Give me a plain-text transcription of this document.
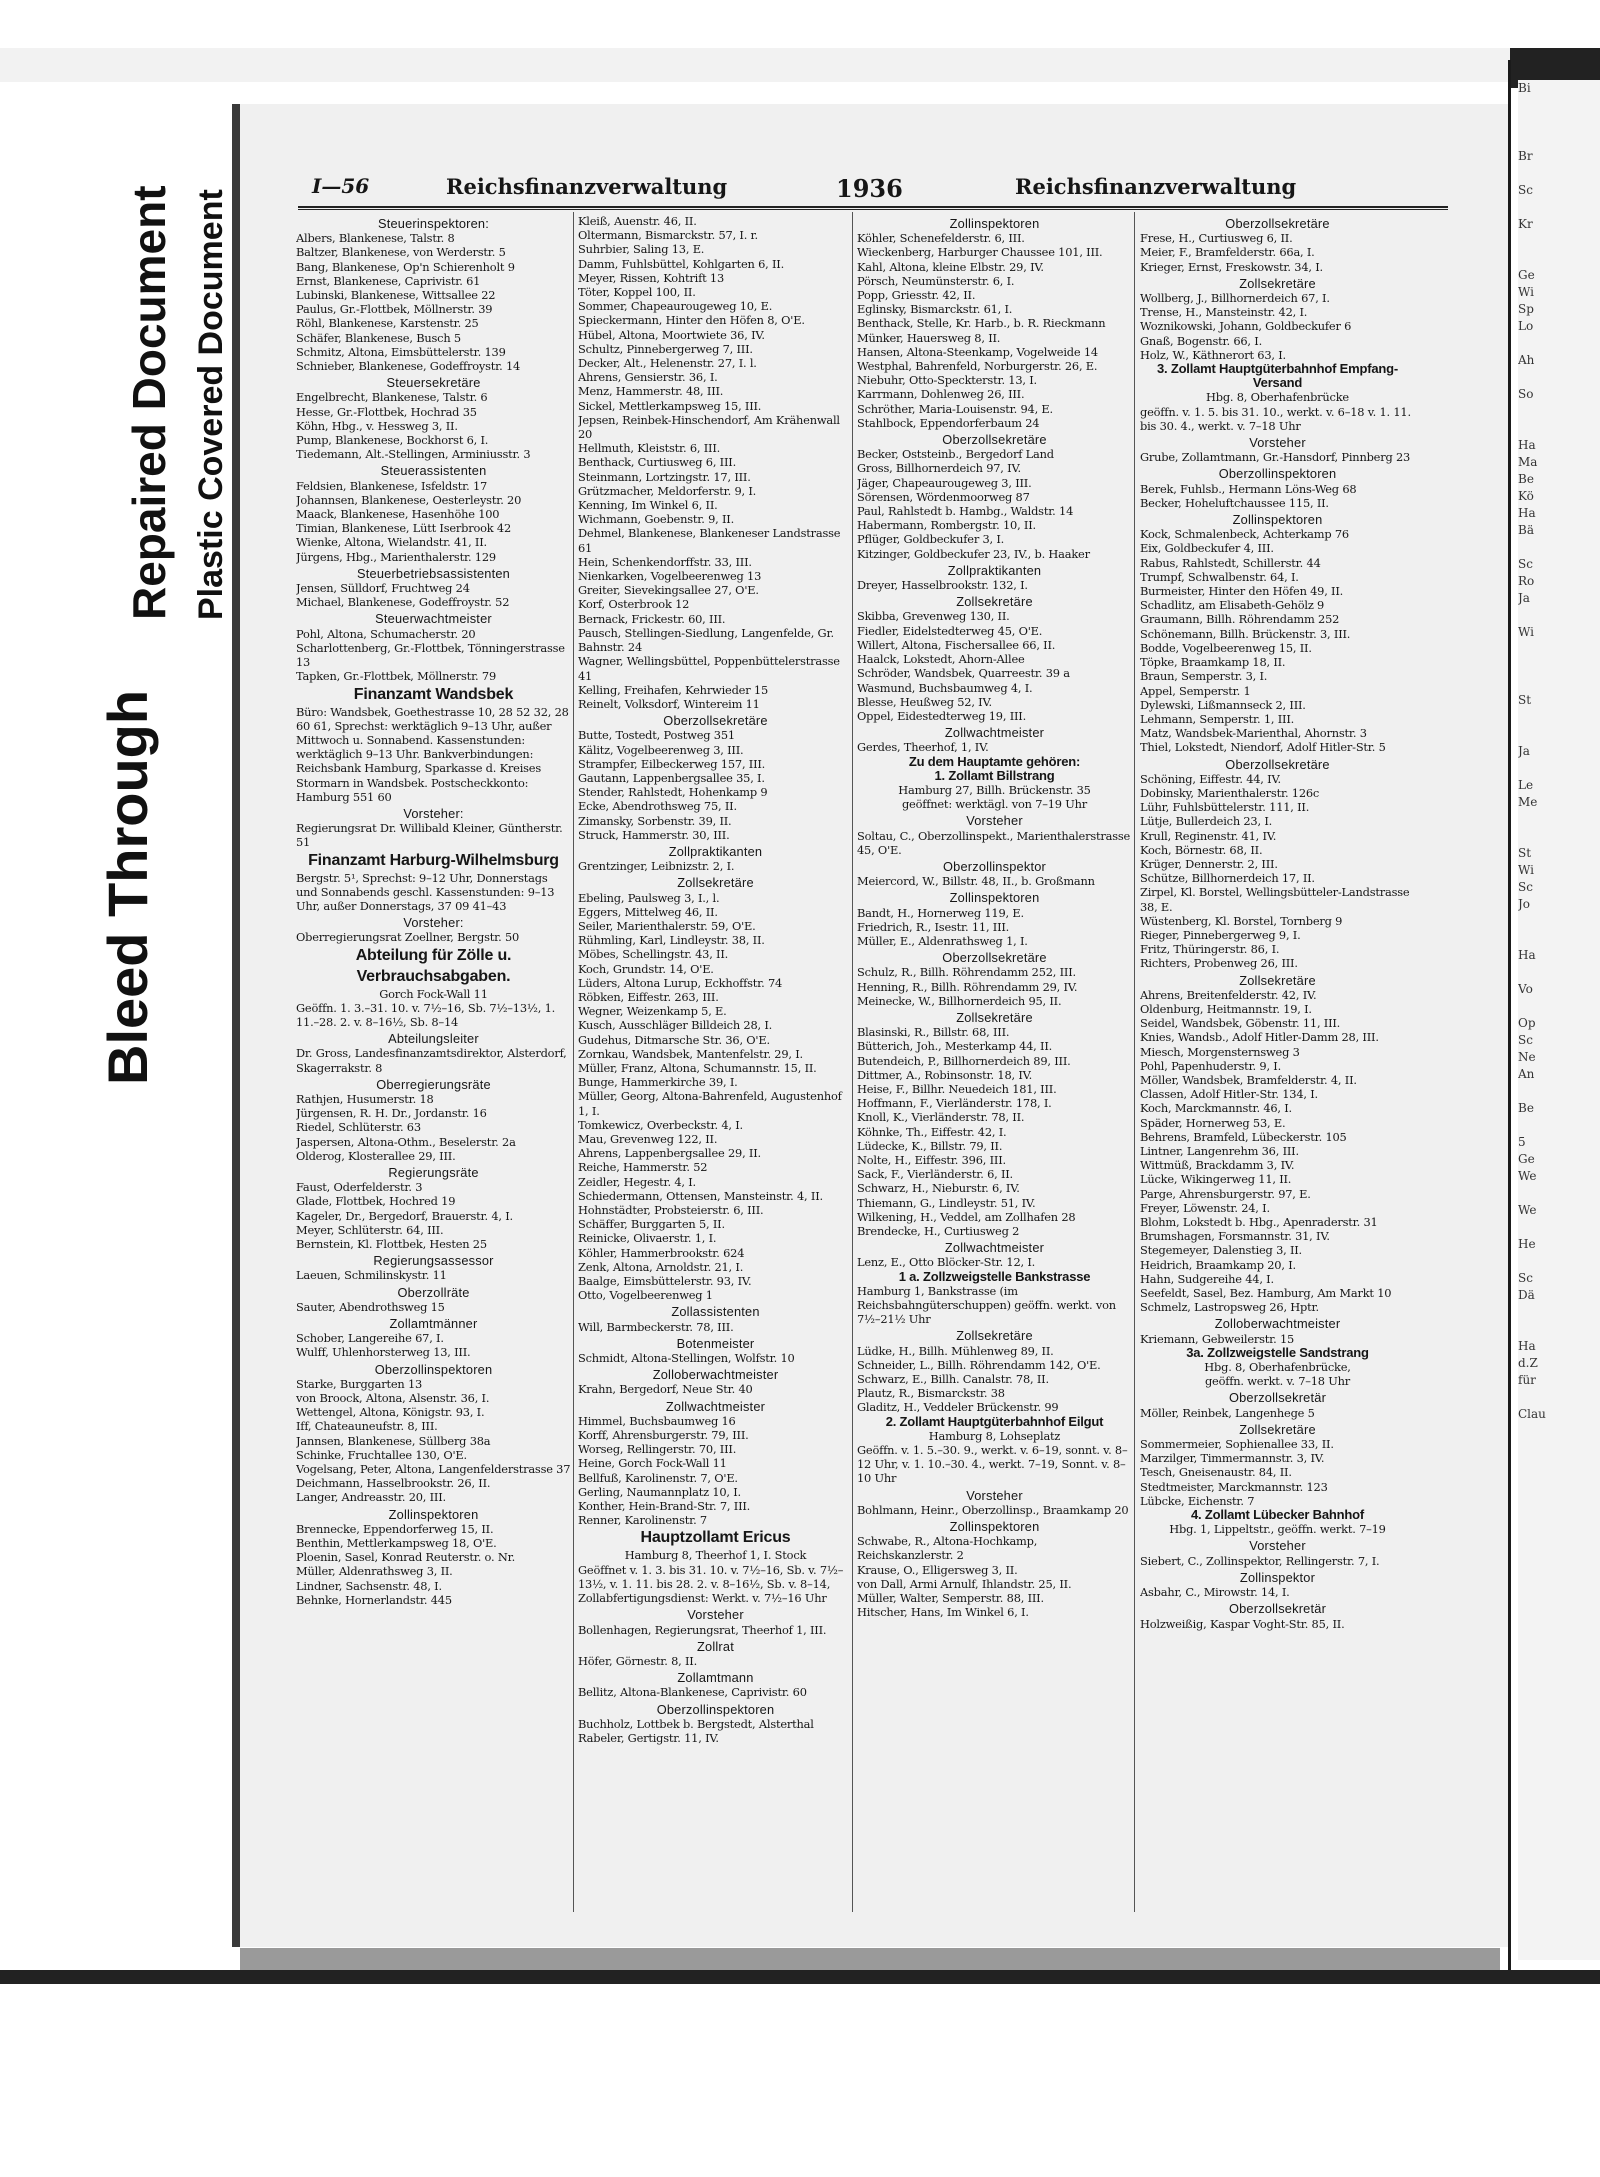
Bleed Through
Repaired Document Plastic Covered Document
Bi

Br

Sc

Kr

Ge
Wi
Sp
Lo

Ah

So

Ha
Ma
Be
Kö
Ha
Bä

Sc
Ro
Ja

Wi

St

Ja

Le
Me

St
Wi
Sc
Jo

Ha

Vo

Op
Sc
Ne
An

Be

5
Ge
We

We

He

Sc
Dä

Ha
d.Z
für

Clau
I—56	Reichsfinanzverwaltung	1936	Reichsfinanzverwaltung
Steuerinspektoren:
Albers, Blankenese, Talstr. 8
Baltzer, Blankenese, von Werderstr. 5
Bang, Blankenese, Op'n Schierenholt 9
Ernst, Blankenese, Caprivistr. 61
Lubinski, Blankenese, Wittsallee 22
Paulus, Gr.-Flottbek, Möllnerstr. 39
Röhl, Blankenese, Karstenstr. 25
Schäfer, Blankenese, Busch 5
Schmitz, Altona, Eimsbüttelerstr. 139
Schnieber, Blankenese, Godeffroystr. 14
Steuersekretäre
Engelbrecht, Blankenese, Talstr. 6
Hesse, Gr.-Flottbek, Hochrad 35
Köhn, Hbg., v. Hessweg 3, II.
Pump, Blankenese, Bockhorst 6, I.
Tiedemann, Alt.-Stellingen, Arminiusstr. 3
Steuerassistenten
Feldsien, Blankenese, Isfeldstr. 17
Johannsen, Blankenese, Oesterleystr. 20
Maack, Blankenese, Hasenhöhe 100
Timian, Blankenese, Lütt Iserbrook 42
Wienke, Altona, Wielandstr. 41, II.
Jürgens, Hbg., Marienthalerstr. 129
Steuerbetriebsassistenten
Jensen, Sülldorf, Fruchtweg 24
Michael, Blankenese, Godeffroystr. 52
Steuerwachtmeister
Pohl, Altona, Schumacherstr. 20
Scharlottenberg, Gr.-Flottbek, Tönningerstrasse 13
Tapken, Gr.-Flottbek, Möllnerstr. 79
Finanzamt Wandsbek
Büro: Wandsbek, Goethestrasse 10, 28 52 32, 28 60 61, Sprechst: werktäglich 9–13 Uhr, außer Mittwoch u. Sonnabend. Kassenstunden: werktäglich 9–13 Uhr. Bankverbindungen: Reichsbank Hamburg, Sparkasse d. Kreises Stormarn in Wandsbek. Postscheckkonto: Hamburg 551 60
Vorsteher:
Regierungsrat Dr. Willibald Kleiner, Güntherstr. 51
Finanzamt Harburg-Wilhelmsburg
Bergstr. 5¹, Sprechst: 9–12 Uhr, Donnerstags und Sonnabends geschl. Kassenstunden: 9–13 Uhr, außer Donnerstags, 37 09 41–43
Vorsteher:
Oberregierungsrat Zoellner, Bergstr. 50
Abteilung für Zölle u. Verbrauchsabgaben.
Gorch Fock-Wall 11
Geöffn. 1. 3.–31. 10. v. 7½–16, Sb. 7½–13½, 1. 11.–28. 2. v. 8–16½, Sb. 8–14
Abteilungsleiter
Dr. Gross, Landesfinanzamtsdirektor, Alsterdorf, Skagerrakstr. 8
Oberregierungsräte
Rathjen, Husumerstr. 18
Jürgensen, R. H. Dr., Jordanstr. 16
Riedel, Schlüterstr. 63
Jaspersen, Altona-Othm., Beselerstr. 2a
Olderog, Klosterallee 29, III.
Regierungsräte
Faust, Oderfelderstr. 3
Glade, Flottbek, Hochred 19
Kageler, Dr., Bergedorf, Brauerstr. 4, I.
Meyer, Schlüterstr. 64, III.
Bernstein, Kl. Flottbek, Hesten 25
Regierungsassessor
Laeuen, Schmilinskystr. 11
Oberzollräte
Sauter, Abendrothsweg 15
Zollamtmänner
Schober, Langereihe 67, I.
Wulff, Uhlenhorsterweg 13, III.
Oberzollinspektoren
Starke, Burggarten 13
von Broock, Altona, Alsenstr. 36, I.
Wettengel, Altona, Königstr. 93, I.
Iff, Chateauneufstr. 8, III.
Jannsen, Blankenese, Süllberg 38a
Schinke, Fruchtallee 130, O'E.
Vogelsang, Peter, Altona, Langenfelderstrasse 37
Deichmann, Hasselbrookstr. 26, II.
Langer, Andreasstr. 20, III.
Zollinspektoren
Brennecke, Eppendorferweg 15, II.
Benthin, Mettlerkampsweg 18, O'E.
Ploenin, Sasel, Konrad Reuterstr. o. Nr.
Müller, Aldenrathsweg 3, II.
Lindner, Sachsenstr. 48, I.
Behnke, Hornerlandstr. 445
Kleiß, Auenstr. 46, II.
Oltermann, Bismarckstr. 57, I. r.
Suhrbier, Saling 13, E.
Damm, Fuhlsbüttel, Kohlgarten 6, II.
Meyer, Rissen, Kohtrift 13
Töter, Koppel 100, II.
Sommer, Chapeaurougeweg 10, E.
Spieckermann, Hinter den Höfen 8, O'E.
Hübel, Altona, Moortwiete 36, IV.
Schultz, Pinnebergerweg 7, III.
Decker, Alt., Helenenstr. 27, I. l.
Ahrens, Gensierstr. 36, I.
Menz, Hammerstr. 48, III.
Sickel, Mettlerkampsweg 15, III.
Jepsen, Reinbek-Hinschendorf, Am Krähenwall 20
Hellmuth, Kleiststr. 6, III.
Benthack, Curtiusweg 6, III.
Steinmann, Lortzingstr. 17, III.
Grützmacher, Meldorferstr. 9, I.
Kenning, Im Winkel 6, II.
Wichmann, Goebenstr. 9, II.
Dehmel, Blankenese, Blankeneser Landstrasse 61
Hein, Schenkendorffstr. 33, III.
Nienkarken, Vogelbeerenweg 13
Greiter, Sievekingsallee 27, O'E.
Korf, Osterbrook 12
Bernack, Frickestr. 60, III.
Pausch, Stellingen-Siedlung, Langenfelde, Gr. Bahnstr. 24
Wagner, Wellingsbüttel, Poppenbüttelerstrasse 41
Kelling, Freihafen, Kehrwieder 15
Reinelt, Volksdorf, Wintereim 11
Oberzollsekretäre
Butte, Tostedt, Postweg 351
Kälitz, Vogelbeerenweg 3, III.
Strampfer, Eilbeckerweg 157, III.
Gautann, Lappenbergsallee 35, I.
Stender, Rahlstedt, Hohenkamp 9
Ecke, Abendrothsweg 75, II.
Zimansky, Sorbenstr. 39, II.
Struck, Hammerstr. 30, III.
Zollpraktikanten
Grentzinger, Leibnizstr. 2, I.
Zollsekretäre
Ebeling, Paulsweg 3, I., l.
Eggers, Mittelweg 46, II.
Seiler, Marienthalerstr. 59, O'E.
Rühmling, Karl, Lindleystr. 38, II.
Möbes, Schellingstr. 43, II.
Koch, Grundstr. 14, O'E.
Lüders, Altona Lurup, Eckhoffstr. 74
Röbken, Eiffestr. 263, III.
Wegner, Weizenkamp 5, E.
Kusch, Ausschläger Billdeich 28, I.
Gudehus, Ditmarsche Str. 36, O'E.
Zornkau, Wandsbek, Mantenfelstr. 29, I.
Müller, Franz, Altona, Schumannstr. 15, II.
Bunge, Hammerkirche 39, I.
Müller, Georg, Altona-Bahrenfeld, Augustenhof 1, I.
Tomkewicz, Overbeckstr. 4, I.
Mau, Grevenweg 122, II.
Ahrens, Lappenbergsallee 29, II.
Reiche, Hammerstr. 52
Zeidler, Hegestr. 4, I.
Schiedermann, Ottensen, Mansteinstr. 4, II.
Hohnstädter, Probsteierstr. 6, III.
Schäffer, Burggarten 5, II.
Reinicke, Olivaerstr. 1, I.
Köhler, Hammerbrookstr. 624
Zenk, Altona, Arnoldstr. 21, I.
Baalge, Eimsbüttelerstr. 93, IV.
Otto, Vogelbeerenweg 1
Zollassistenten
Will, Barmbeckerstr. 78, III.
Botenmeister
Schmidt, Altona-Stellingen, Wolfstr. 10
Zolloberwachtmeister
Krahn, Bergedorf, Neue Str. 40
Zollwachtmeister
Himmel, Buchsbaumweg 16
Korff, Ahrensburgerstr. 79, III.
Worseg, Rellingerstr. 70, III.
Heine, Gorch Fock-Wall 11
Bellfuß, Karolinenstr. 7, O'E.
Gerling, Naumannplatz 10, I.
Konther, Hein-Brand-Str. 7, III.
Renner, Karolinenstr. 7
Hauptzollamt Ericus
Hamburg 8, Theerhof 1, I. Stock
Geöffnet v. 1. 3. bis 31. 10. v. 7½–16, Sb. v. 7½–13½, v. 1. 11. bis 28. 2. v. 8–16½, Sb. v. 8–14, Zollabfertigungsdienst: Werkt. v. 7½–16 Uhr
Vorsteher
Bollenhagen, Regierungsrat, Theerhof 1, III.
Zollrat
Höfer, Görnestr. 8, II.
Zollamtmann
Bellitz, Altona-Blankenese, Caprivistr. 60
Oberzollinspektoren
Buchholz, Lottbek b. Bergstedt, Alsterthal
Rabeler, Gertigstr. 11, IV.
Zollinspektoren
Köhler, Schenefelderstr. 6, III.
Wieckenberg, Harburger Chaussee 101, III.
Kahl, Altona, kleine Elbstr. 29, IV.
Pörsch, Neumünsterstr. 6, I.
Popp, Griesstr. 42, II.
Eglinsky, Bismarckstr. 61, I.
Benthack, Stelle, Kr. Harb., b. R. Rieckmann
Münker, Hauersweg 8, II.
Hansen, Altona-Steenkamp, Vogelweide 14
Westphal, Bahrenfeld, Norburgerstr. 26, E.
Niebuhr, Otto-Speckterstr. 13, I.
Karrmann, Dohlenweg 26, III.
Schröther, Maria-Louisenstr. 94, E.
Stahlbock, Eppendorferbaum 24
Oberzollsekretäre
Becker, Oststeinb., Bergedorf Land
Gross, Billhornerdeich 97, IV.
Jäger, Chapeaurougeweg 3, III.
Sörensen, Wördenmoorweg 87
Paul, Rahlstedt b. Hambg., Waldstr. 14
Habermann, Rombergstr. 10, II.
Pflüger, Goldbeckufer 3, I.
Kitzinger, Goldbeckufer 23, IV., b. Haaker
Zollpraktikanten
Dreyer, Hasselbrookstr. 132, I.
Zollsekretäre
Skibba, Grevenweg 130, II.
Fiedler, Eidelstedterweg 45, O'E.
Willert, Altona, Fischersallee 66, II.
Haalck, Lokstedt, Ahorn-Allee
Schröder, Wandsbek, Quarreestr. 39 a
Wasmund, Buchsbaumweg 4, I.
Blesse, Heußweg 52, IV.
Oppel, Eidestedterweg 19, III.
Zollwachtmeister
Gerdes, Theerhof, 1, IV.
Zu dem Hauptamte gehören:
1. Zollamt Billstrang
Hamburg 27, Billh. Brückenstr. 35
geöffnet: werktägl. von 7–19 Uhr
Vorsteher
Soltau, C., Oberzollinspekt., Marienthalerstrasse 45, O'E.
Oberzollinspektor
Meiercord, W., Billstr. 48, II., b. Großmann
Zollinspektoren
Bandt, H., Hornerweg 119, E.
Friedrich, R., Isestr. 11, III.
Müller, E., Aldenrathsweg 1, I.
Oberzollsekretäre
Schulz, R., Billh. Röhrendamm 252, III.
Henning, R., Billh. Röhrendamm 29, IV.
Meinecke, W., Billhornerdeich 95, II.
Zollsekretäre
Blasinski, R., Billstr. 68, III.
Bütterich, Joh., Mesterkamp 44, II.
Butendeich, P., Billhornerdeich 89, III.
Dittmer, A., Robinsonstr. 18, IV.
Heise, F., Billhr. Neuedeich 181, III.
Hoffmann, F., Vierländerstr. 178, I.
Knoll, K., Vierländerstr. 78, II.
Köhnke, Th., Eiffestr. 42, I.
Lüdecke, K., Billstr. 79, II.
Nolte, H., Eiffestr. 396, III.
Sack, F., Vierländerstr. 6, II.
Schwarz, H., Nieburstr. 6, IV.
Thiemann, G., Lindleystr. 51, IV.
Wilkening, H., Veddel, am Zollhafen 28
Brendecke, H., Curtiusweg 2
Zollwachtmeister
Lenz, E., Otto Blöcker-Str. 12, I.
1 a. Zollzweigstelle Bankstrasse
Hamburg 1, Bankstrasse (im Reichsbahngüterschuppen) geöffn. werkt. von 7½–21½ Uhr
Zollsekretäre
Lüdke, H., Billh. Mühlenweg 89, II.
Schneider, L., Billh. Röhrendamm 142, O'E.
Schwarz, E., Billh. Canalstr. 78, II.
Plautz, R., Bismarckstr. 38
Gladitz, H., Veddeler Brückenstr. 99
2. Zollamt Hauptgüterbahnhof Eilgut
Hamburg 8, Lohseplatz
Geöffn. v. 1. 5.–30. 9., werkt. v. 6–19, sonnt. v. 8–12 Uhr, v. 1. 10.–30. 4., werkt. 7–19, Sonnt. v. 8–10 Uhr
Vorsteher
Bohlmann, Heinr., Oberzollinsp., Braamkamp 20
Zollinspektoren
Schwabe, R., Altona-Hochkamp, Reichskanzlerstr. 2
Krause, O., Elligersweg 3, II.
von Dall, Armi Arnulf, Ihlandstr. 25, II.
Müller, Walter, Semperstr. 88, III.
Hitscher, Hans, Im Winkel 6, I.
Oberzollsekretäre
Frese, H., Curtiusweg 6, II.
Meier, F., Bramfelderstr. 66a, I.
Krieger, Ernst, Freskowstr. 34, I.
Zollsekretäre
Wollberg, J., Billhornerdeich 67, I.
Trense, H., Mansteinstr. 42, I.
Woznikowski, Johann, Goldbeckufer 6
Gnaß, Bogenstr. 66, I.
Holz, W., Käthnerort 63, I.
3. Zollamt Hauptgüterbahnhof Empfang-Versand
Hbg. 8, Oberhafenbrücke
geöffn. v. 1. 5. bis 31. 10., werkt. v. 6–18 v. 1. 11. bis 30. 4., werkt. v. 7–18 Uhr
Vorsteher
Grube, Zollamtmann, Gr.-Hansdorf, Pinnberg 23
Oberzollinspektoren
Berek, Fuhlsb., Hermann Löns-Weg 68
Becker, Hoheluftchaussee 115, II.
Zollinspektoren
Kock, Schmalenbeck, Achterkamp 76
Eix, Goldbeckufer 4, III.
Rabus, Rahlstedt, Schillerstr. 44
Trumpf, Schwalbenstr. 64, I.
Burmeister, Hinter den Höfen 49, II.
Schadlitz, am Elisabeth-Gehölz 9
Graumann, Billh. Röhrendamm 252
Schönemann, Billh. Brückenstr. 3, III.
Bodde, Vogelbeerenweg 15, II.
Töpke, Braamkamp 18, II.
Braun, Semperstr. 3, I.
Appel, Semperstr. 1
Dylewski, Lißmannseck 2, III.
Lehmann, Semperstr. 1, III.
Matz, Wandsbek-Marienthal, Ahornstr. 3
Thiel, Lokstedt, Niendorf, Adolf Hitler-Str. 5
Oberzollsekretäre
Schöning, Eiffestr. 44, IV.
Dobinsky, Marienthalerstr. 126c
Lühr, Fuhlsbüttelerstr. 111, II.
Lütje, Bullerdeich 23, I.
Krull, Reginenstr. 41, IV.
Koch, Börnestr. 68, II.
Krüger, Dennerstr. 2, III.
Schütze, Billhornerdeich 17, II.
Zirpel, Kl. Borstel, Wellingsbütteler-Landstrasse 38, E.
Wüstenberg, Kl. Borstel, Tornberg 9
Rieger, Pinnebergerweg 9, I.
Fritz, Thüringerstr. 86, I.
Richters, Probenweg 26, III.
Zollsekretäre
Ahrens, Breitenfelderstr. 42, IV.
Oldenburg, Heitmannstr. 19, I.
Seidel, Wandsbek, Göbenstr. 11, III.
Knies, Wandsb., Adolf Hitler-Damm 28, III.
Miesch, Morgensternsweg 3
Pohl, Papenhuderstr. 9, I.
Möller, Wandsbek, Bramfelderstr. 4, II.
Classen, Adolf Hitler-Str. 134, I.
Koch, Marckmannstr. 46, I.
Späder, Hornerweg 53, E.
Behrens, Bramfeld, Lübeckerstr. 105
Lintner, Langenrehm 36, III.
Wittmüß, Brackdamm 3, IV.
Lücke, Wikingerweg 11, II.
Parge, Ahrensburgerstr. 97, E.
Freyer, Löwenstr. 24, I.
Blohm, Lokstedt b. Hbg., Apenraderstr. 31
Brumshagen, Forsmannstr. 31, IV.
Stegemeyer, Dalenstieg 3, II.
Heidrich, Braamkamp 20, I.
Hahn, Sudgereihe 44, I.
Seefeldt, Sasel, Bez. Hamburg, Am Markt 10
Schmelz, Lastropsweg 26, Hptr.
Zolloberwachtmeister
Kriemann, Gebweilerstr. 15
3a. Zollzweigstelle Sandstrang
Hbg. 8, Oberhafenbrücke,
geöffn. werkt. v. 7–18 Uhr
Oberzollsekretär
Möller, Reinbek, Langenhege 5
Zollsekretäre
Sommermeier, Sophienallee 33, II.
Marzilger, Timmermannstr. 3, IV.
Tesch, Gneisenaustr. 84, II.
Stedtmeister, Marckmannstr. 123
Lübcke, Eichenstr. 7
4. Zollamt Lübecker Bahnhof
Hbg. 1, Lippeltstr., geöffn. werkt. 7–19
Vorsteher
Siebert, C., Zollinspektor, Rellingerstr. 7, I.
Zollinspektor
Asbahr, C., Mirowstr. 14, I.
Oberzollsekretär
Holzweißig, Kaspar Voght-Str. 85, II.
